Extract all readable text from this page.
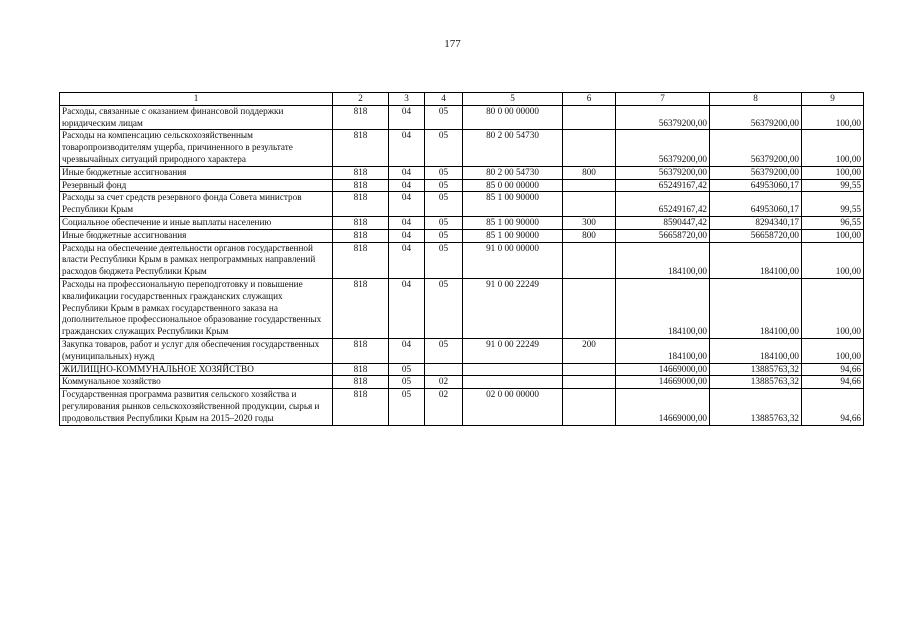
177
1	2	3	4	5	6	7	8	9
Расходы, связанные с оказанием финансовой поддержки юридическим лицам	818	04	05	80 0 00 00000		56379200,00	56379200,00	100,00
Расходы на компенсацию сельскохозяйственным товаропроизводителям ущерба, причиненного в результате чрезвычайных ситуаций природного характера	818	04	05	80 2 00 54730		56379200,00	56379200,00	100,00
Иные бюджетные ассигнования	818	04	05	80 2 00 54730	800	56379200,00	56379200,00	100,00
Резервный фонд	818	04	05	85 0 00 00000		65249167,42	64953060,17	99,55
Расходы за счет средств резервного фонда Совета министров Республики Крым	818	04	05	85 1 00 90000		65249167,42	64953060,17	99,55
Социальное обеспечение и иные выплаты населению	818	04	05	85 1 00 90000	300	8590447,42	8294340,17	96,55
Иные бюджетные ассигнования	818	04	05	85 1 00 90000	800	56658720,00	56658720,00	100,00
Расходы на обеспечение деятельности органов государственной власти Республики Крым в рамках непрограммных направлений расходов бюджета Республики Крым	818	04	05	91 0 00 00000		184100,00	184100,00	100,00
Расходы на профессиональную переподготовку и повышение квалификации государственных гражданских служащих Республики Крым в рамках государственного заказа на дополнительное профессиональное образование государственных гражданских служащих Республики Крым	818	04	05	91 0 00 22249		184100,00	184100,00	100,00
Закупка товаров, работ и услуг для обеспечения государственных (муниципальных) нужд	818	04	05	91 0 00 22249	200	184100,00	184100,00	100,00
ЖИЛИЩНО-КОММУНАЛЬНОЕ ХОЗЯЙСТВО	818	05				14669000,00	13885763,32	94,66
Коммунальное хозяйство	818	05	02			14669000,00	13885763,32	94,66
Государственная программа развития сельского хозяйства и регулирования рынков сельскохозяйственной продукции, сырья и продовольствия Республики Крым на 2015–2020 годы	818	05	02	02 0 00 00000		14669000,00	13885763,32	94,66
